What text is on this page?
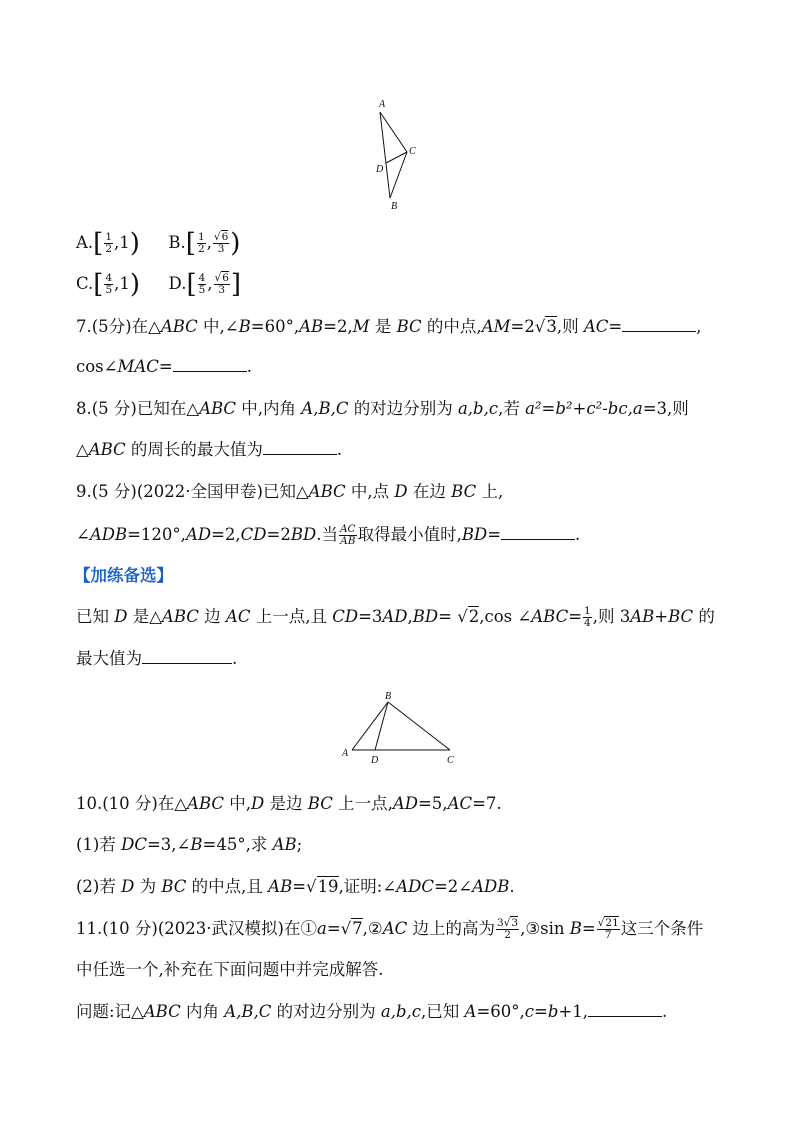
A
C
D
B
$A.[ \frac{1}{2} ,1)$ $B.[ \frac{1}{2}$ , $\frac{√6}{3}$ )
$C.[ \frac{4}{5} ,1)$ $D.[ \frac{4}{5}$ , $\frac{√6}{3}$ ]
7.(5分)在△ABC 中,∠B=60°,AB=2,M 是 BC 的中点,AM=2√3,则 AC=	,
cos∠MAC=	.
8.(5 分)已知在△ABC 中,内角 A,B,C 的对边分别为 a,b,c,若 a²=b²+c²-bc,a=3,则
△ABC 的周长的最大值为	.
9.(5 分)(2022·全国甲卷)已知△ABC 中,点 D 在边 BC 上,
∠ADB=120°,AD=2,CD=2BD.当 $\frac{AC}{AB}$ 取得最小值时,BD=	.
【加练备选】
已知 D 是△ABC 边 AC 上一点,且 CD=3AD,BD= √2,cos ∠ABC= $\frac{1}{4}$ ,则 3AB+BC 的
最大值为	.
B
A
D	C
10.(10 分)在△ABC 中,D 是边 BC 上一点,AD=5,AC=7.
(1)若 DC=3,∠B=45°,求 AB;
(2)若 D 为 BC 的中点,且 AB=√19,证明:∠ADC=2∠ADB.
11.(10 分)(2023·武汉模拟)在①a=√7,②AC 边上的高为 $\frac{3√3}{2}$ ,③sin $B= \frac{√21}{7}$ 这三个条件
中任选一个,补充在下面问题中并完成解答.
问题:记△ABC 内角 A,B,C 的对边分别为 a,b,c,已知 A=60°,c=b+1,	.
